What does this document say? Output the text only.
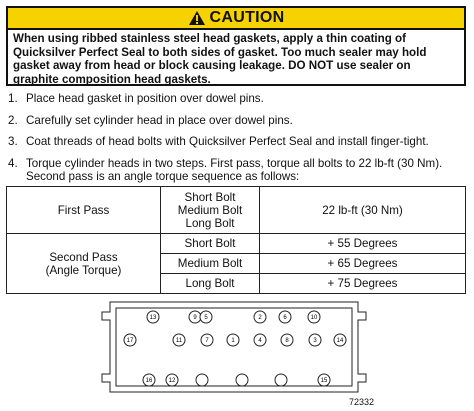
CAUTION
When using ribbed stainless steel head gaskets, apply a thin coating of Quicksilver Perfect Seal to both sides of gasket. Too much sealer may hold gasket away from head or block causing leakage. DO NOT use sealer on graphite composition head gaskets.
1. Place head gasket in position over dowel pins.
2. Carefully set cylinder head in place over dowel pins.
3. Coat threads of head bolts with Quicksilver Perfect Seal and install finger-tight.
4. Torque cylinder heads in two steps. First pass, torque all bolts to 22 lb-ft (30 Nm). Second pass is an angle torque sequence as follows:
First Pass	Short Bolt
Medium Bolt
Long Bolt	22 lb-ft (30 Nm)

Second Pass
(Angle Torque)	Short Bolt	+ 55 Degrees
	Medium Bolt	+ 65 Degrees
	Long Bolt	+ 75 Degrees
13	9 5	2	6	10
17	11	1	8	14
16	12	15
7	4	3
72332
